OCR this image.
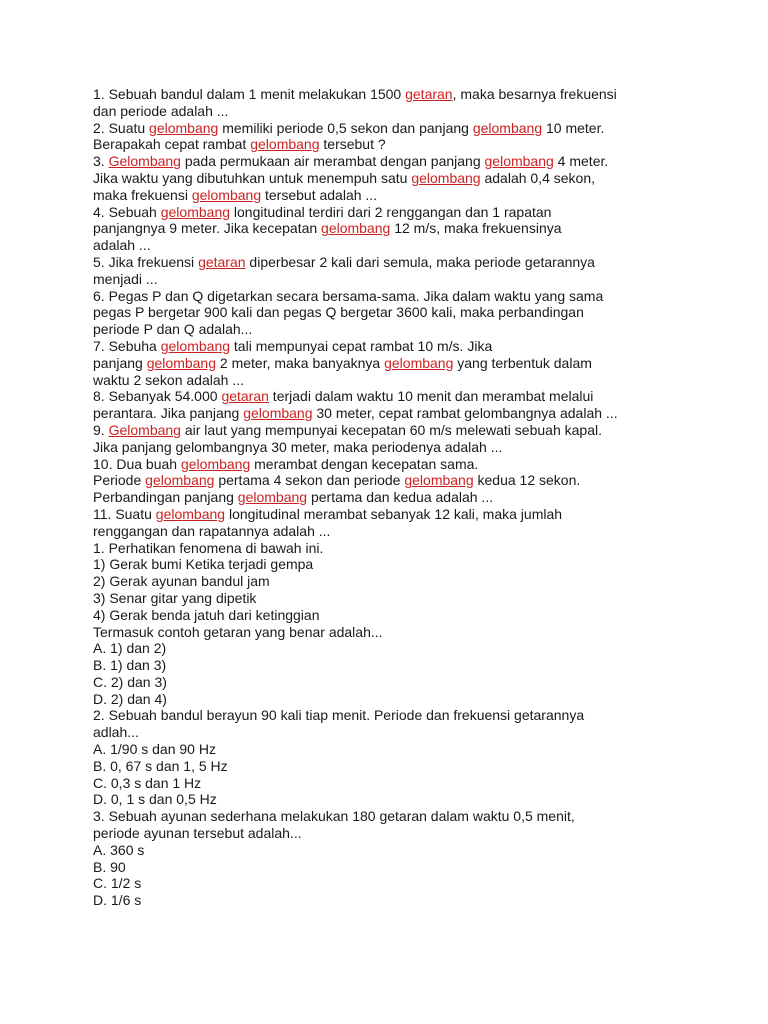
1. Sebuah bandul dalam 1 menit melakukan 1500 getaran, maka besarnya frekuensi
dan periode adalah ...
2. Suatu gelombang memiliki periode 0,5 sekon dan panjang gelombang 10 meter.
Berapakah cepat rambat gelombang tersebut ?
3. Gelombang pada permukaan air merambat dengan panjang gelombang 4 meter.
Jika waktu yang dibutuhkan untuk menempuh satu gelombang adalah 0,4 sekon,
maka frekuensi gelombang tersebut adalah ...
4. Sebuah gelombang longitudinal terdiri dari 2 renggangan dan 1 rapatan
panjangnya 9 meter. Jika kecepatan gelombang 12 m/s, maka frekuensinya
adalah ...
5. Jika frekuensi getaran diperbesar 2 kali dari semula, maka periode getarannya
menjadi ...
6. Pegas P dan Q digetarkan secara bersama-sama. Jika dalam waktu yang sama
pegas P bergetar 900 kali dan pegas Q bergetar 3600 kali, maka perbandingan
periode P dan Q adalah...
7. Sebuha gelombang tali mempunyai cepat rambat 10 m/s. Jika
panjang gelombang 2 meter, maka banyaknya gelombang yang terbentuk dalam
waktu 2 sekon adalah ...
8. Sebanyak 54.000 getaran terjadi dalam waktu 10 menit dan merambat melalui
perantara. Jika panjang gelombang 30 meter, cepat rambat gelombangnya adalah ...
9. Gelombang air laut yang mempunyai kecepatan 60 m/s melewati sebuah kapal.
Jika panjang gelombangnya 30 meter, maka periodenya adalah ...
10. Dua buah gelombang merambat dengan kecepatan sama.
Periode gelombang pertama 4 sekon dan periode gelombang kedua 12 sekon.
Perbandingan panjang gelombang pertama dan kedua adalah ...
11. Suatu gelombang longitudinal merambat sebanyak 12 kali, maka jumlah
renggangan dan rapatannya adalah ...
1. Perhatikan fenomena di bawah ini.
1) Gerak bumi Ketika terjadi gempa
2) Gerak ayunan bandul jam
3) Senar gitar yang dipetik
4) Gerak benda jatuh dari ketinggian
Termasuk contoh getaran yang benar adalah...
A. 1) dan 2)
B. 1) dan 3)
C. 2) dan 3)
D. 2) dan 4)
2. Sebuah bandul berayun 90 kali tiap menit. Periode dan frekuensi getarannya
adlah...
A. 1/90 s dan 90 Hz
B. 0, 67 s dan 1, 5 Hz
C. 0,3 s dan 1 Hz
D. 0, 1 s dan 0,5 Hz
3. Sebuah ayunan sederhana melakukan 180 getaran dalam waktu 0,5 menit,
periode ayunan tersebut adalah...
A. 360 s
B. 90
C. 1/2 s
D. 1/6 s
